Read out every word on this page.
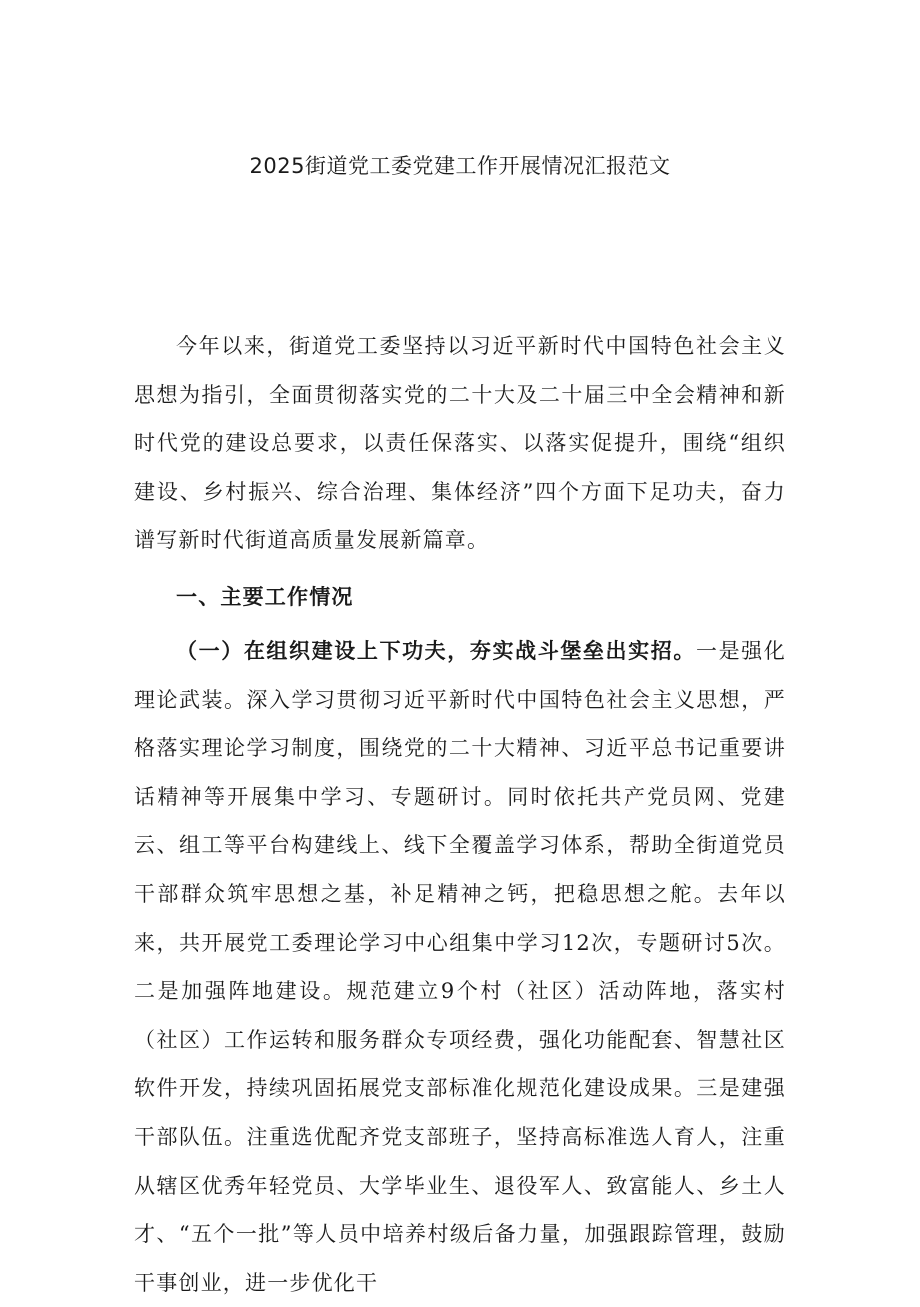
2025街道党工委党建工作开展情况汇报范文

今年以来，街道党工委坚持以习近平新时代中国特色社会主义思想为指引，全面贯彻落实党的二十大及二十届三中全会精神和新时代党的建设总要求，以责任保落实、以落实促提升，围绕“组织建设、乡村振兴、综合治理、集体经济”四个方面下足功夫，奋力谱写新时代街道高质量发展新篇章。

一、主要工作情况

（一）在组织建设上下功夫，夯实战斗堡垒出实招。一是强化理论武装。深入学习贯彻习近平新时代中国特色社会主义思想，严格落实理论学习制度，围绕党的二十大精神、习近平总书记重要讲话精神等开展集中学习、专题研讨。同时依托共产党员网、党建云、组工等平台构建线上、线下全覆盖学习体系，帮助全街道党员干部群众筑牢思想之基，补足精神之钙，把稳思想之舵。去年以来，共开展党工委理论学习中心组集中学习12次，专题研讨5次。二是加强阵地建设。规范建立9个村（社区）活动阵地，落实村（社区）工作运转和服务群众专项经费，强化功能配套、智慧社区软件开发，持续巩固拓展党支部标准化规范化建设成果。三是建强干部队伍。注重选优配齐党支部班子，坚持高标准选人育人，注重从辖区优秀年轻党员、大学毕业生、退役军人、致富能人、乡土人才、“五个一批”等人员中培养村级后备力量，加强跟踪管理，鼓励干事创业，进一步优化干
